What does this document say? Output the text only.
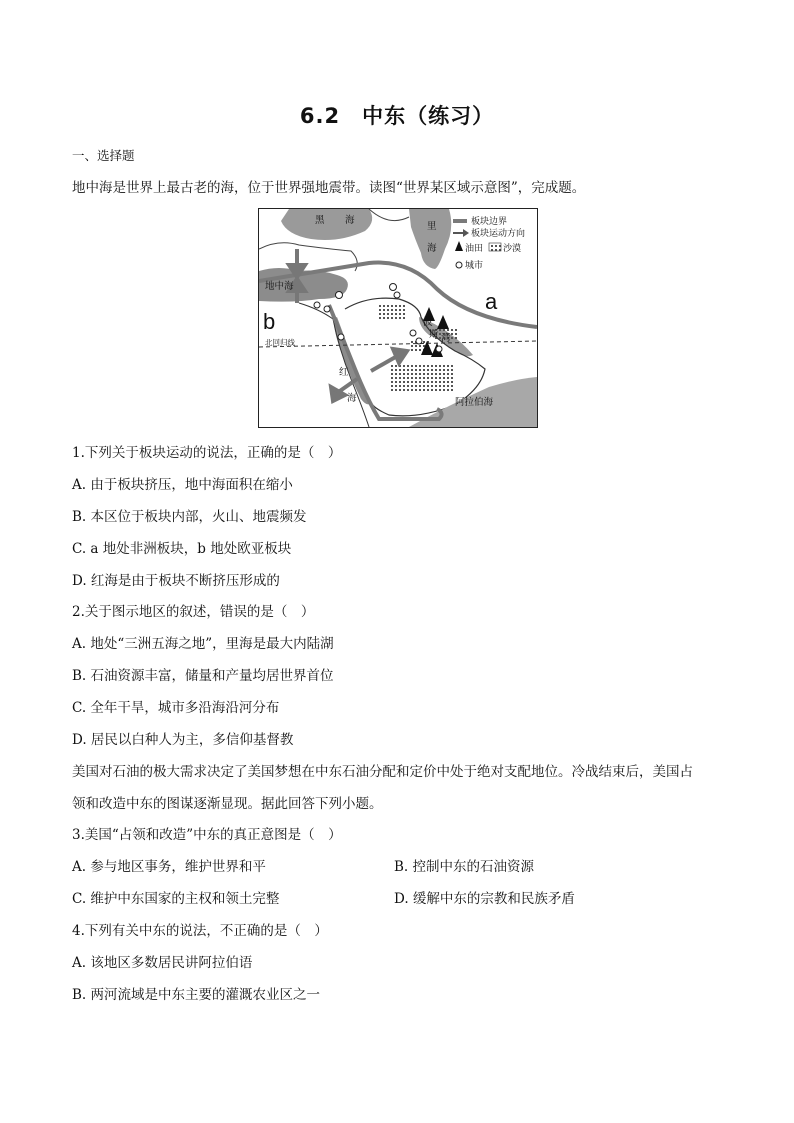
6.2　中东（练习）
一、选择题
地中海是世界上最古老的海，位于世界强地震带。读图“世界某区域示意图”，完成题。
黑 海
里
海
地中海
波
斯 湾
红
海	阿拉伯海
北回归线
板块边界
板块运动方向
油田 沙漠
城市
a
b
1.下列关于板块运动的说法，正确的是（　）
A. 由于板块挤压，地中海面积在缩小
B. 本区位于板块内部，火山、地震频发
C. a 地处非洲板块，b 地处欧亚板块
D. 红海是由于板块不断挤压形成的
2.关于图示地区的叙述，错误的是（　）
A. 地处“三洲五海之地”，里海是最大内陆湖
B. 石油资源丰富，储量和产量均居世界首位
C. 全年干旱，城市多沿海沿河分布
D. 居民以白种人为主，多信仰基督教
美国对石油的极大需求决定了美国梦想在中东石油分配和定价中处于绝对支配地位。冷战结束后，美国占
领和改造中东的图谋逐渐显现。据此回答下列小题。
3.美国“占领和改造”中东的真正意图是（　）
A. 参与地区事务，维护世界和平	B. 控制中东的石油资源
C. 维护中东国家的主权和领土完整	D. 缓解中东的宗教和民族矛盾
4.下列有关中东的说法，不正确的是（　）
A. 该地区多数居民讲阿拉伯语
B. 两河流域是中东主要的灌溉农业区之一
